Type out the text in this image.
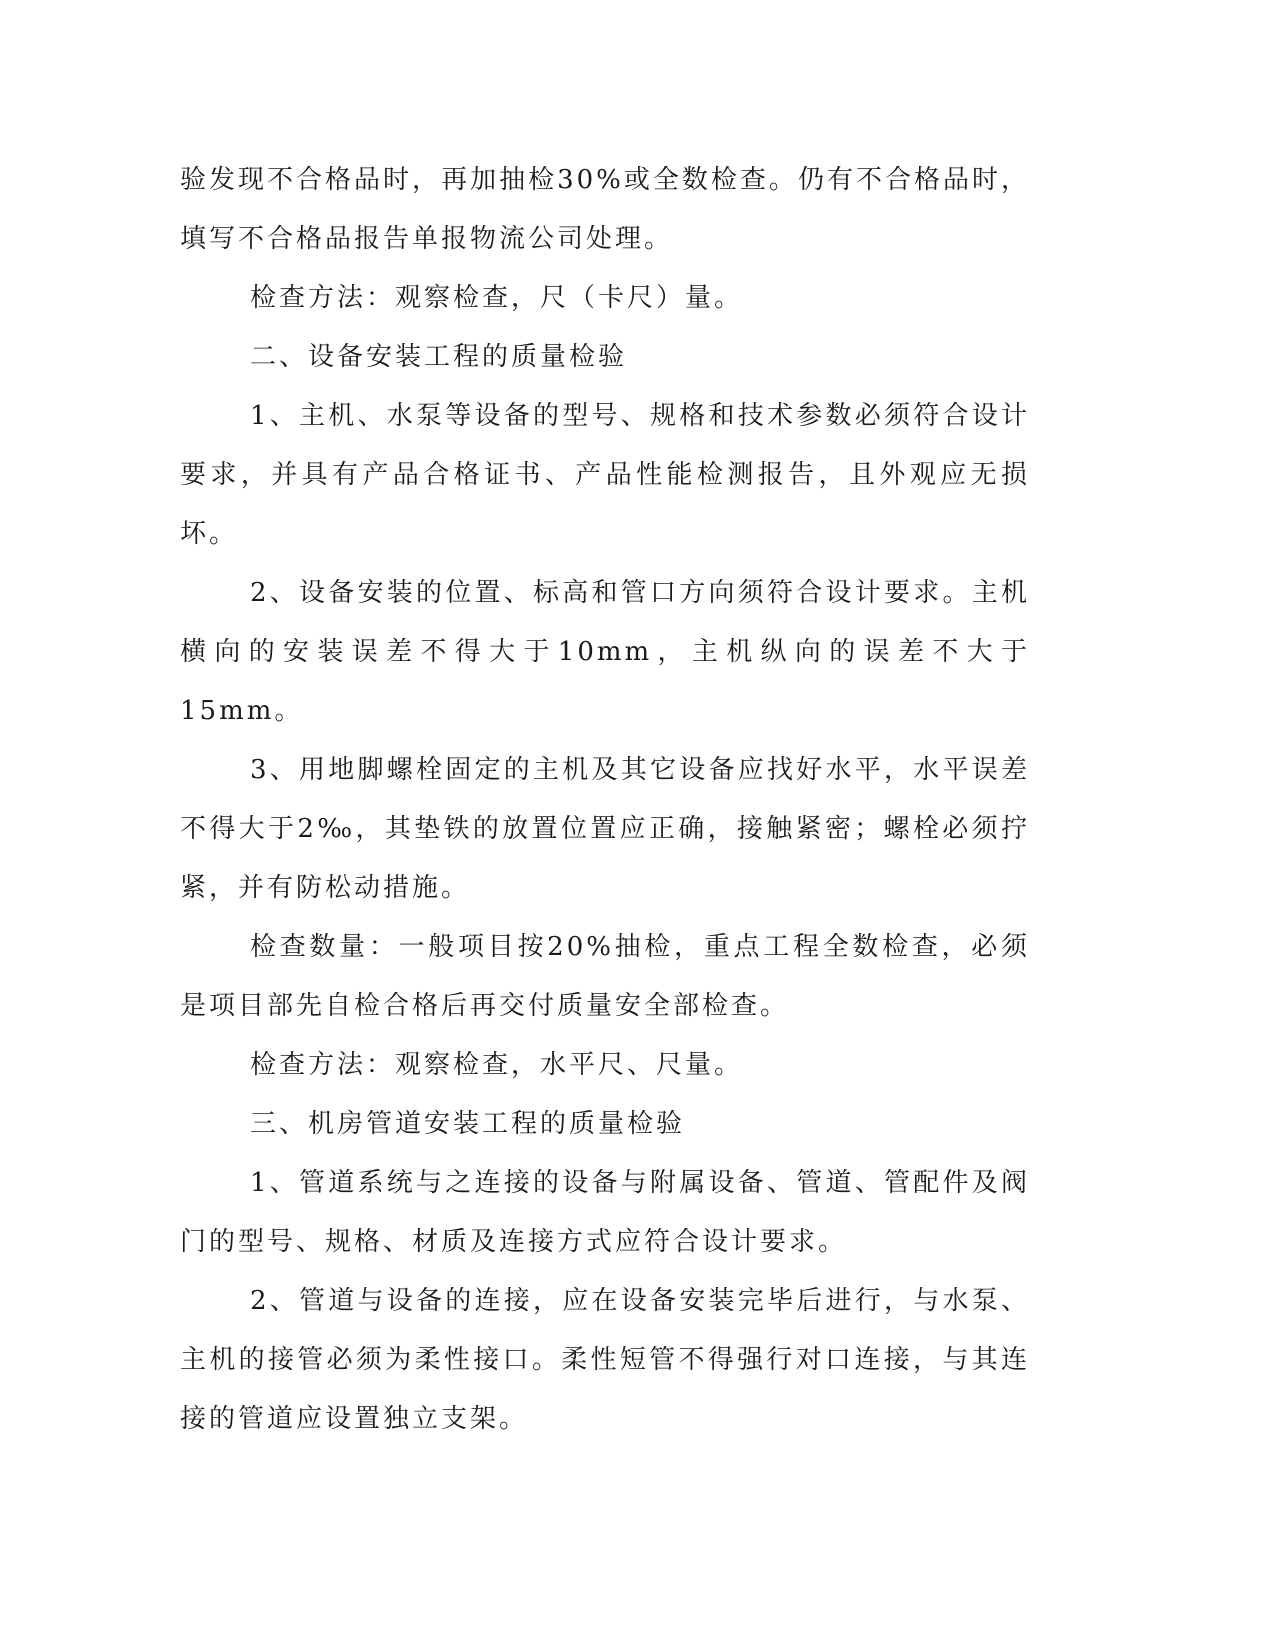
验发现不合格品时，再加抽检30%或全数检查。仍有不合格品时，填写不合格品报告单报物流公司处理。

检查方法：观察检查，尺（卡尺）量。

二、设备安装工程的质量检验

1、主机、水泵等设备的型号、规格和技术参数必须符合设计要求，并具有产品合格证书、产品性能检测报告，且外观应无损坏。

2、设备安装的位置、标高和管口方向须符合设计要求。主机横向的安装误差不得大于10mm，主机纵向的误差不大于15mm。

3、用地脚螺栓固定的主机及其它设备应找好水平，水平误差不得大于2‰，其垫铁的放置位置应正确，接触紧密；螺栓必须拧紧，并有防松动措施。

检查数量：一般项目按20%抽检，重点工程全数检查，必须是项目部先自检合格后再交付质量安全部检查。

检查方法：观察检查，水平尺、尺量。

三、机房管道安装工程的质量检验

1、管道系统与之连接的设备与附属设备、管道、管配件及阀门的型号、规格、材质及连接方式应符合设计要求。

2、管道与设备的连接，应在设备安装完毕后进行，与水泵、主机的接管必须为柔性接口。柔性短管不得强行对口连接，与其连接的管道应设置独立支架。
